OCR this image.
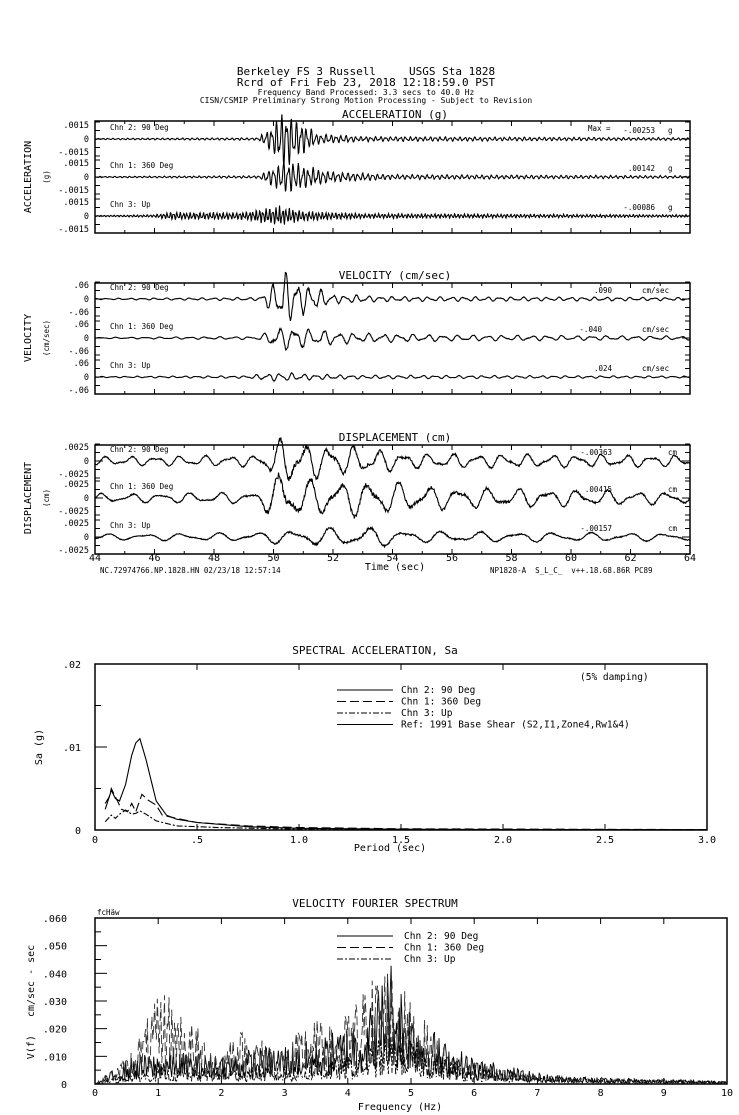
Berkeley FS 3 Russell     USGS Sta 1828
Rcrd of Fri Feb 23, 2018 12:18:59.0 PST
Frequency Band Processed: 3.3 secs to 40.0 Hz
CISN/CSMIP Preliminary Strong Motion Processing - Subject to Revision
ACCELERATION (g)
VELOCITY (cm/sec)
DISPLACEMENT (cm)
ACCELERATION (g)
VELOCITY (cm/sec)
DISPLACEMENT (cm)
Max =
Time (sec)
NC.72974766.NP.1828.HN 02/23/18 12:57:14	NP1828-A  S_L_C_  v++.18.68.86R PC89
SPECTRAL ACCELERATION, Sa
Sa (g)
Period (sec)
(5% damping)
VELOCITY FOURIER SPECTRUM
V(f)   cm/sec - sec
Frequency (Hz)
fcHäw
.0015
0
-.0015
Chn 2: 90 Deg	-.00253 g
.0015
0
-.0015
Chn 1: 360 Deg	.00142 g
.0015
0
-.0015
Chn 3: Up	-.00086 g
.06
0
-.06
Chn 2: 90 Deg	.090	cm/sec
.06
0
-.06
Chn 1: 360 Deg	-.040	cm/sec
.06
0
-.06
Chn 3: Up	.024	cm/sec
.0025
0
-.0025
Chn 2: 90 Deg	-.00363	cm
.0025
0
-.0025
Chn 1: 360 Deg	.00415	cm
.0025
0
-.0025
Chn 3: Up	-.00157	cm
44	46	48	50	52	54	56	58	60	62	64
0	.5	1.0	1.5	2.0	2.5	3.0
0
.01
.02
Chn 2: 90 Deg
Chn 1: 360 Deg
Chn 3: Up
Ref: 1991 Base Shear (S2,I1,Zone4,Rw1&4)
0	1	2	3	4	5	6	7	8	9	10
0
.010
.020
.030
.040
.050
.060
Chn 2: 90 Deg
Chn 1: 360 Deg
Chn 3: Up
